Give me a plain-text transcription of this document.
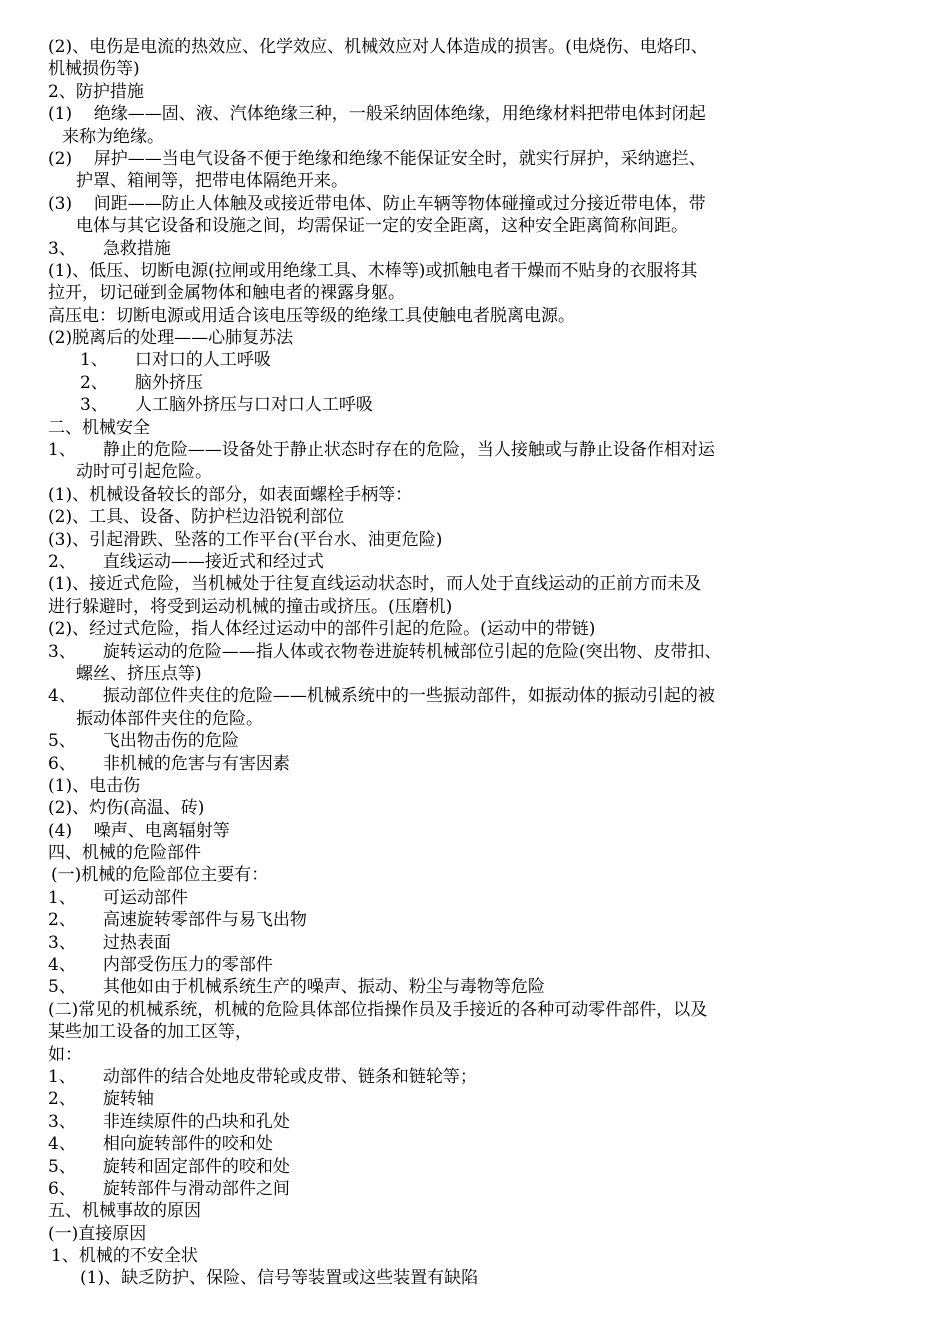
(2)、电伤是电流的热效应、化学效应、机械效应对人体造成的损害。(电烧伤、电烙印、
机械损伤等)
2、防护措施
(1)    绝缘——固、液、汽体绝缘三种，一般采纳固体绝缘，用绝缘材料把带电体封闭起
来称为绝缘。
(2)    屏护——当电气设备不便于绝缘和绝缘不能保证安全时，就实行屏护，采纳遮拦、
护罩、箱闸等，把带电体隔绝开来。
(3)    间距——防止人体触及或接近带电体、防止车辆等物体碰撞或过分接近带电体，带
电体与其它设备和设施之间，均需保证一定的安全距离，这种安全距离简称间距。
3、     急救措施
(1)、低压、切断电源(拉闸或用绝缘工具、木棒等)或抓触电者干燥而不贴身的衣服将其
拉开，切记碰到金属物体和触电者的裸露身躯。
高压电：切断电源或用适合该电压等级的绝缘工具使触电者脱离电源。
(2)脱离后的处理——心肺复苏法
1、     口对口的人工呼吸
2、     脑外挤压
3、     人工脑外挤压与口对口人工呼吸
二、机械安全
1、     静止的危险——设备处于静止状态时存在的危险，当人接触或与静止设备作相对运
动时可引起危险。
(1)、机械设备较长的部分，如表面螺栓手柄等：
(2)、工具、设备、防护栏边沿锐利部位
(3)、引起滑跌、坠落的工作平台(平台水、油更危险)
2、     直线运动——接近式和经过式
(1)、接近式危险，当机械处于往复直线运动状态时，而人处于直线运动的正前方而未及
进行躲避时，将受到运动机械的撞击或挤压。(压磨机)
(2)、经过式危险，指人体经过运动中的部件引起的危险。(运动中的带链)
3、     旋转运动的危险——指人体或衣物卷进旋转机械部位引起的危险(突出物、皮带扣、
螺丝、挤压点等)
4、     振动部位件夹住的危险——机械系统中的一些振动部件，如振动体的振动引起的被
振动体部件夹住的危险。
5、     飞出物击伤的危险
6、     非机械的危害与有害因素
(1)、电击伤
(2)、灼伤(高温、砖)
(4)    噪声、电离辐射等
四、机械的危险部件
(一)机械的危险部位主要有：
1、     可运动部件
2、     高速旋转零部件与易飞出物
3、     过热表面
4、     内部受伤压力的零部件
5、     其他如由于机械系统生产的噪声、振动、粉尘与毒物等危险
(二)常见的机械系统，机械的危险具体部位指操作员及手接近的各种可动零件部件，以及
某些加工设备的加工区等，
如：
1、     动部件的结合处地皮带轮或皮带、链条和链轮等；
2、     旋转轴
3、     非连续原件的凸块和孔处
4、     相向旋转部件的咬和处
5、     旋转和固定部件的咬和处
6、     旋转部件与滑动部件之间
五、机械事故的原因
(一)直接原因
1、机械的不安全状
(1)、缺乏防护、保险、信号等装置或这些装置有缺陷
